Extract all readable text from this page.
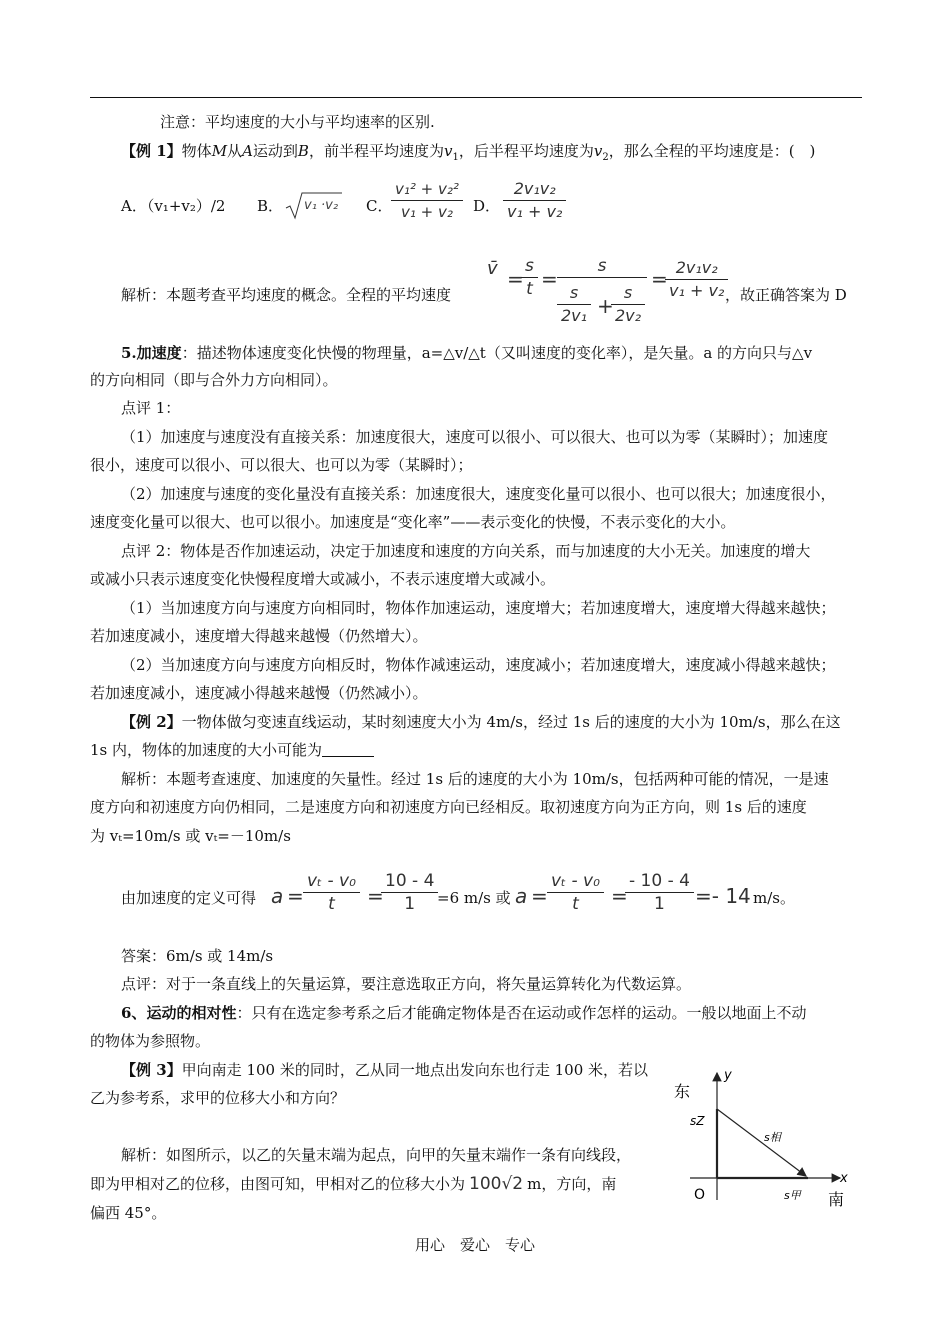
注意：平均速度的大小与平均速率的区别.
【例 1】物体M从A运动到B，前半程平均速度为$v_1$，后半程平均速度为$v_2$，那么全程的平均速度是：(　)
A．（v₁+v₂）/2 B． v₁ ·v₂ C．
$\frac{\text{v₁² + v₂²}}{\text{v₁ + v₂}}$ D． $\frac{\text{2v₁v₂}}{\text{v₁ + v₂}}$
解析：本题考查平均速度的概念。全程的平均速度
v̄ =
$\frac{s}{t}$ =
s
$\frac{s}{\text{2v₁}}$ +
$\frac{s}{\text{2v₂}}$
=
$\frac{\text{2v₁v₂}}{\text{v₁ + v₂}}$
，故正确答案为 D
5.加速度：描述物体速度变化快慢的物理量，a=△v/△t（又叫速度的变化率），是矢量。a 的方向只与△v
的方向相同（即与合外力方向相同）。
点评 1：
（1）加速度与速度没有直接关系：加速度很大，速度可以很小、可以很大、也可以为零（某瞬时）；加速度
很小，速度可以很小、可以很大、也可以为零（某瞬时）；
（2）加速度与速度的变化量没有直接关系：加速度很大，速度变化量可以很小、也可以很大；加速度很小，
速度变化量可以很大、也可以很小。加速度是“变化率”——表示变化的快慢，不表示变化的大小。
点评 2：物体是否作加速运动，决定于加速度和速度的方向关系，而与加速度的大小无关。加速度的增大
或减小只表示速度变化快慢程度增大或减小，不表示速度增大或减小。
（1）当加速度方向与速度方向相同时，物体作加速运动，速度增大；若加速度增大，速度增大得越来越快；
若加速度减小，速度增大得越来越慢（仍然增大）。
（2）当加速度方向与速度方向相反时，物体作减速运动，速度减小；若加速度增大，速度减小得越来越快；
若加速度减小，速度减小得越来越慢（仍然减小）。
【例 2】一物体做匀变速直线运动，某时刻速度大小为 4m/s，经过 1s 后的速度的大小为 10m/s，那么在这
1s 内，物体的加速度的大小可能为
解析：本题考查速度、加速度的矢量性。经过 1s 后的速度的大小为 10m/s，包括两种可能的情况，一是速
度方向和初速度方向仍相同，二是速度方向和初速度方向已经相反。取初速度方向为正方向，则 1s 后的速度
为 vₜ=10m/s 或 vₜ=－10m/s
由加速度的定义可得 $a = \frac{\text{vₜ - v₀}}{t}$ =
$\frac{10 - 4}{1}$
=6 m/s 或 $a = \frac{\text{vₜ - v₀}}{t}$ =
$\frac{- 10 - 4}{1} =- 14$ m/s。
答案：6m/s 或 14m/s
点评：对于一条直线上的矢量运算，要注意选取正方向，将矢量运算转化为代数运算。
6、运动的相对性：只有在选定参考系之后才能确定物体是否在运动或作怎样的运动。一般以地面上不动
的物体为参照物。
【例 3】甲向南走 100 米的同时，乙从同一地点出发向东也行走 100 米，若以
乙为参考系，求甲的位移大小和方向？
解析：如图所示，以乙的矢量末端为起点，向甲的矢量末端作一条有向线段，
即为甲相对乙的位移，由图可知，甲相对乙的位移大小为 100√2 m，方向，南
偏西 45°。
y
x
东
南
O
sZ
s相
s甲
用心　爱心　专心
